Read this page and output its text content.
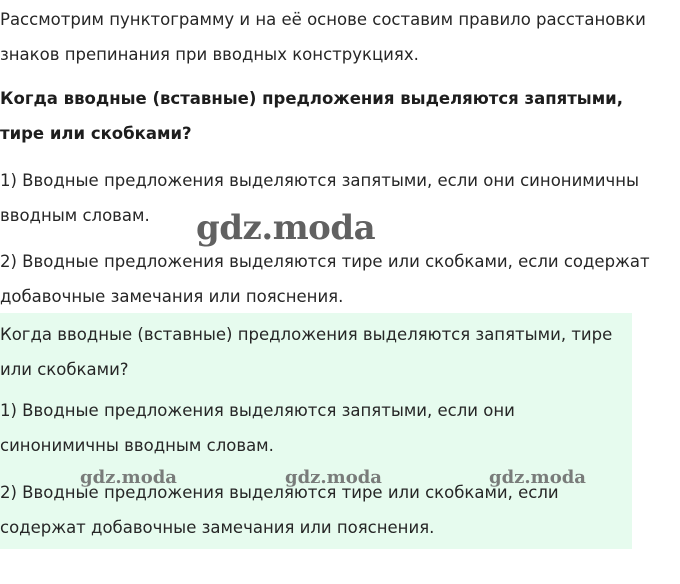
Рассмотрим пунктограмму и на её основе составим правило расстановки знаков препинания при вводных конструкциях.

Когда вводные (вставные) предложения выделяются запятыми, тире или скобками?

1) Вводные предложения выделяются запятыми, если они синонимичны вводным словам.

2) Вводные предложения выделяются тире или скобками, если содержат добавочные замечания или пояснения.

Когда вводные (вставные) предложения выделяются запятыми, тире или скобками?

1) Вводные предложения выделяются запятыми, если они синонимичны вводным словам.

2) Вводные предложения выделяются тире или скобками, если содержат добавочные замечания или пояснения.

gdz.moda	gdz.moda	gdz.moda
gdz.moda
